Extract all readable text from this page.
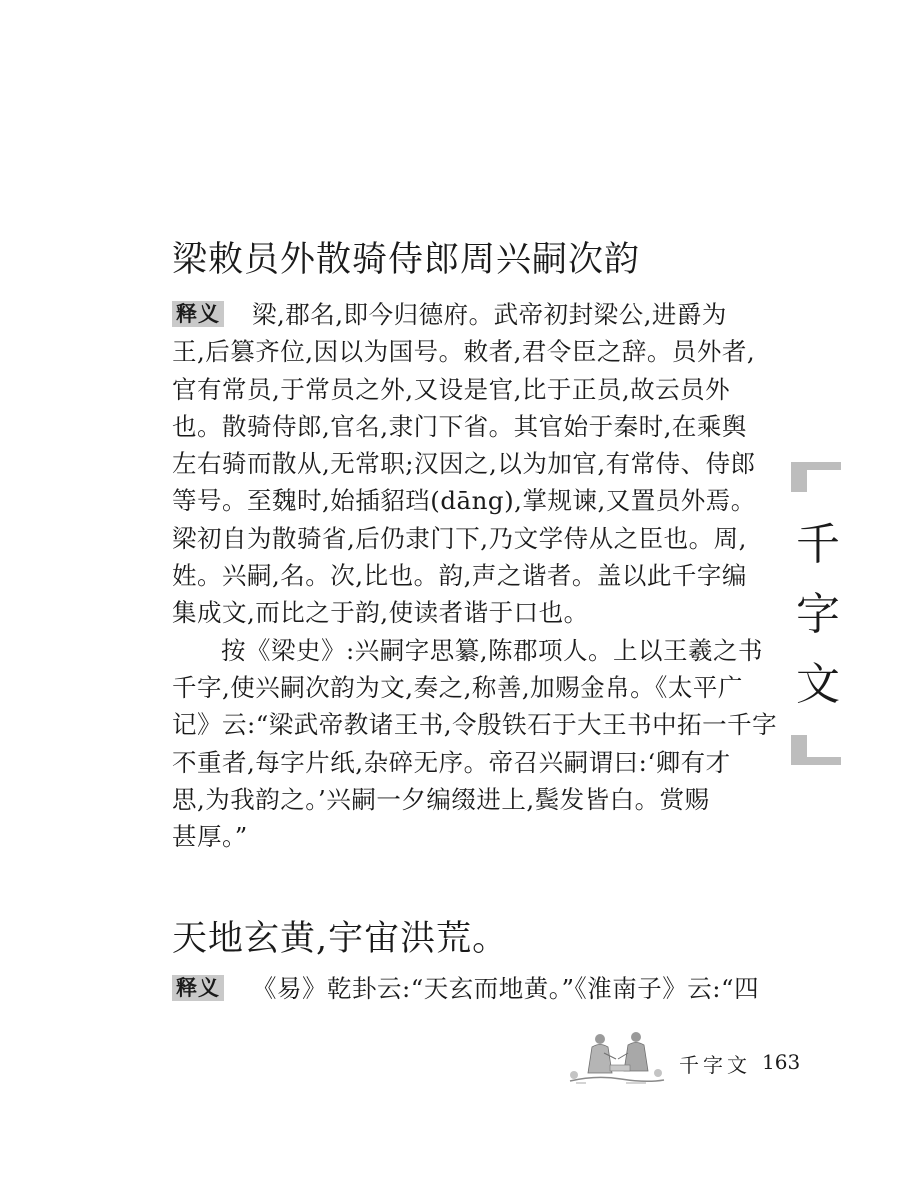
梁敕员外散骑侍郎周兴嗣次韵
释义 梁,郡名,即今归德府。武帝初封梁公,进爵为
王,后篡齐位,因以为国号。敕者,君令臣之辞。员外者,
官有常员,于常员之外,又设是官,比于正员,故云员外
也。散骑侍郎,官名,隶门下省。其官始于秦时,在乘舆
左右骑而散从,无常职;汉因之,以为加官,有常侍、侍郎
等号。至魏时,始插貂珰(dāng),掌规谏,又置员外焉。
梁初自为散骑省,后仍隶门下,乃文学侍从之臣也。周,
姓。兴嗣,名。次,比也。韵,声之谐者。盖以此千字编
集成文,而比之于韵,使读者谐于口也。
按《梁史》:兴嗣字思纂,陈郡项人。上以王羲之书
千字,使兴嗣次韵为文,奏之,称善,加赐金帛。《太平广
记》云:“梁武帝教诸王书,令殷铁石于大王书中拓一千字
不重者,每字片纸,杂碎无序。帝召兴嗣谓曰:‘卿有才
思,为我韵之。’兴嗣一夕编缀进上,鬓发皆白。赏赐
甚厚。”
天地玄黄,宇宙洪荒。
释义 《易》乾卦云:“天玄而地黄。”《淮南子》云:“四
千
字
文
千字文 163
